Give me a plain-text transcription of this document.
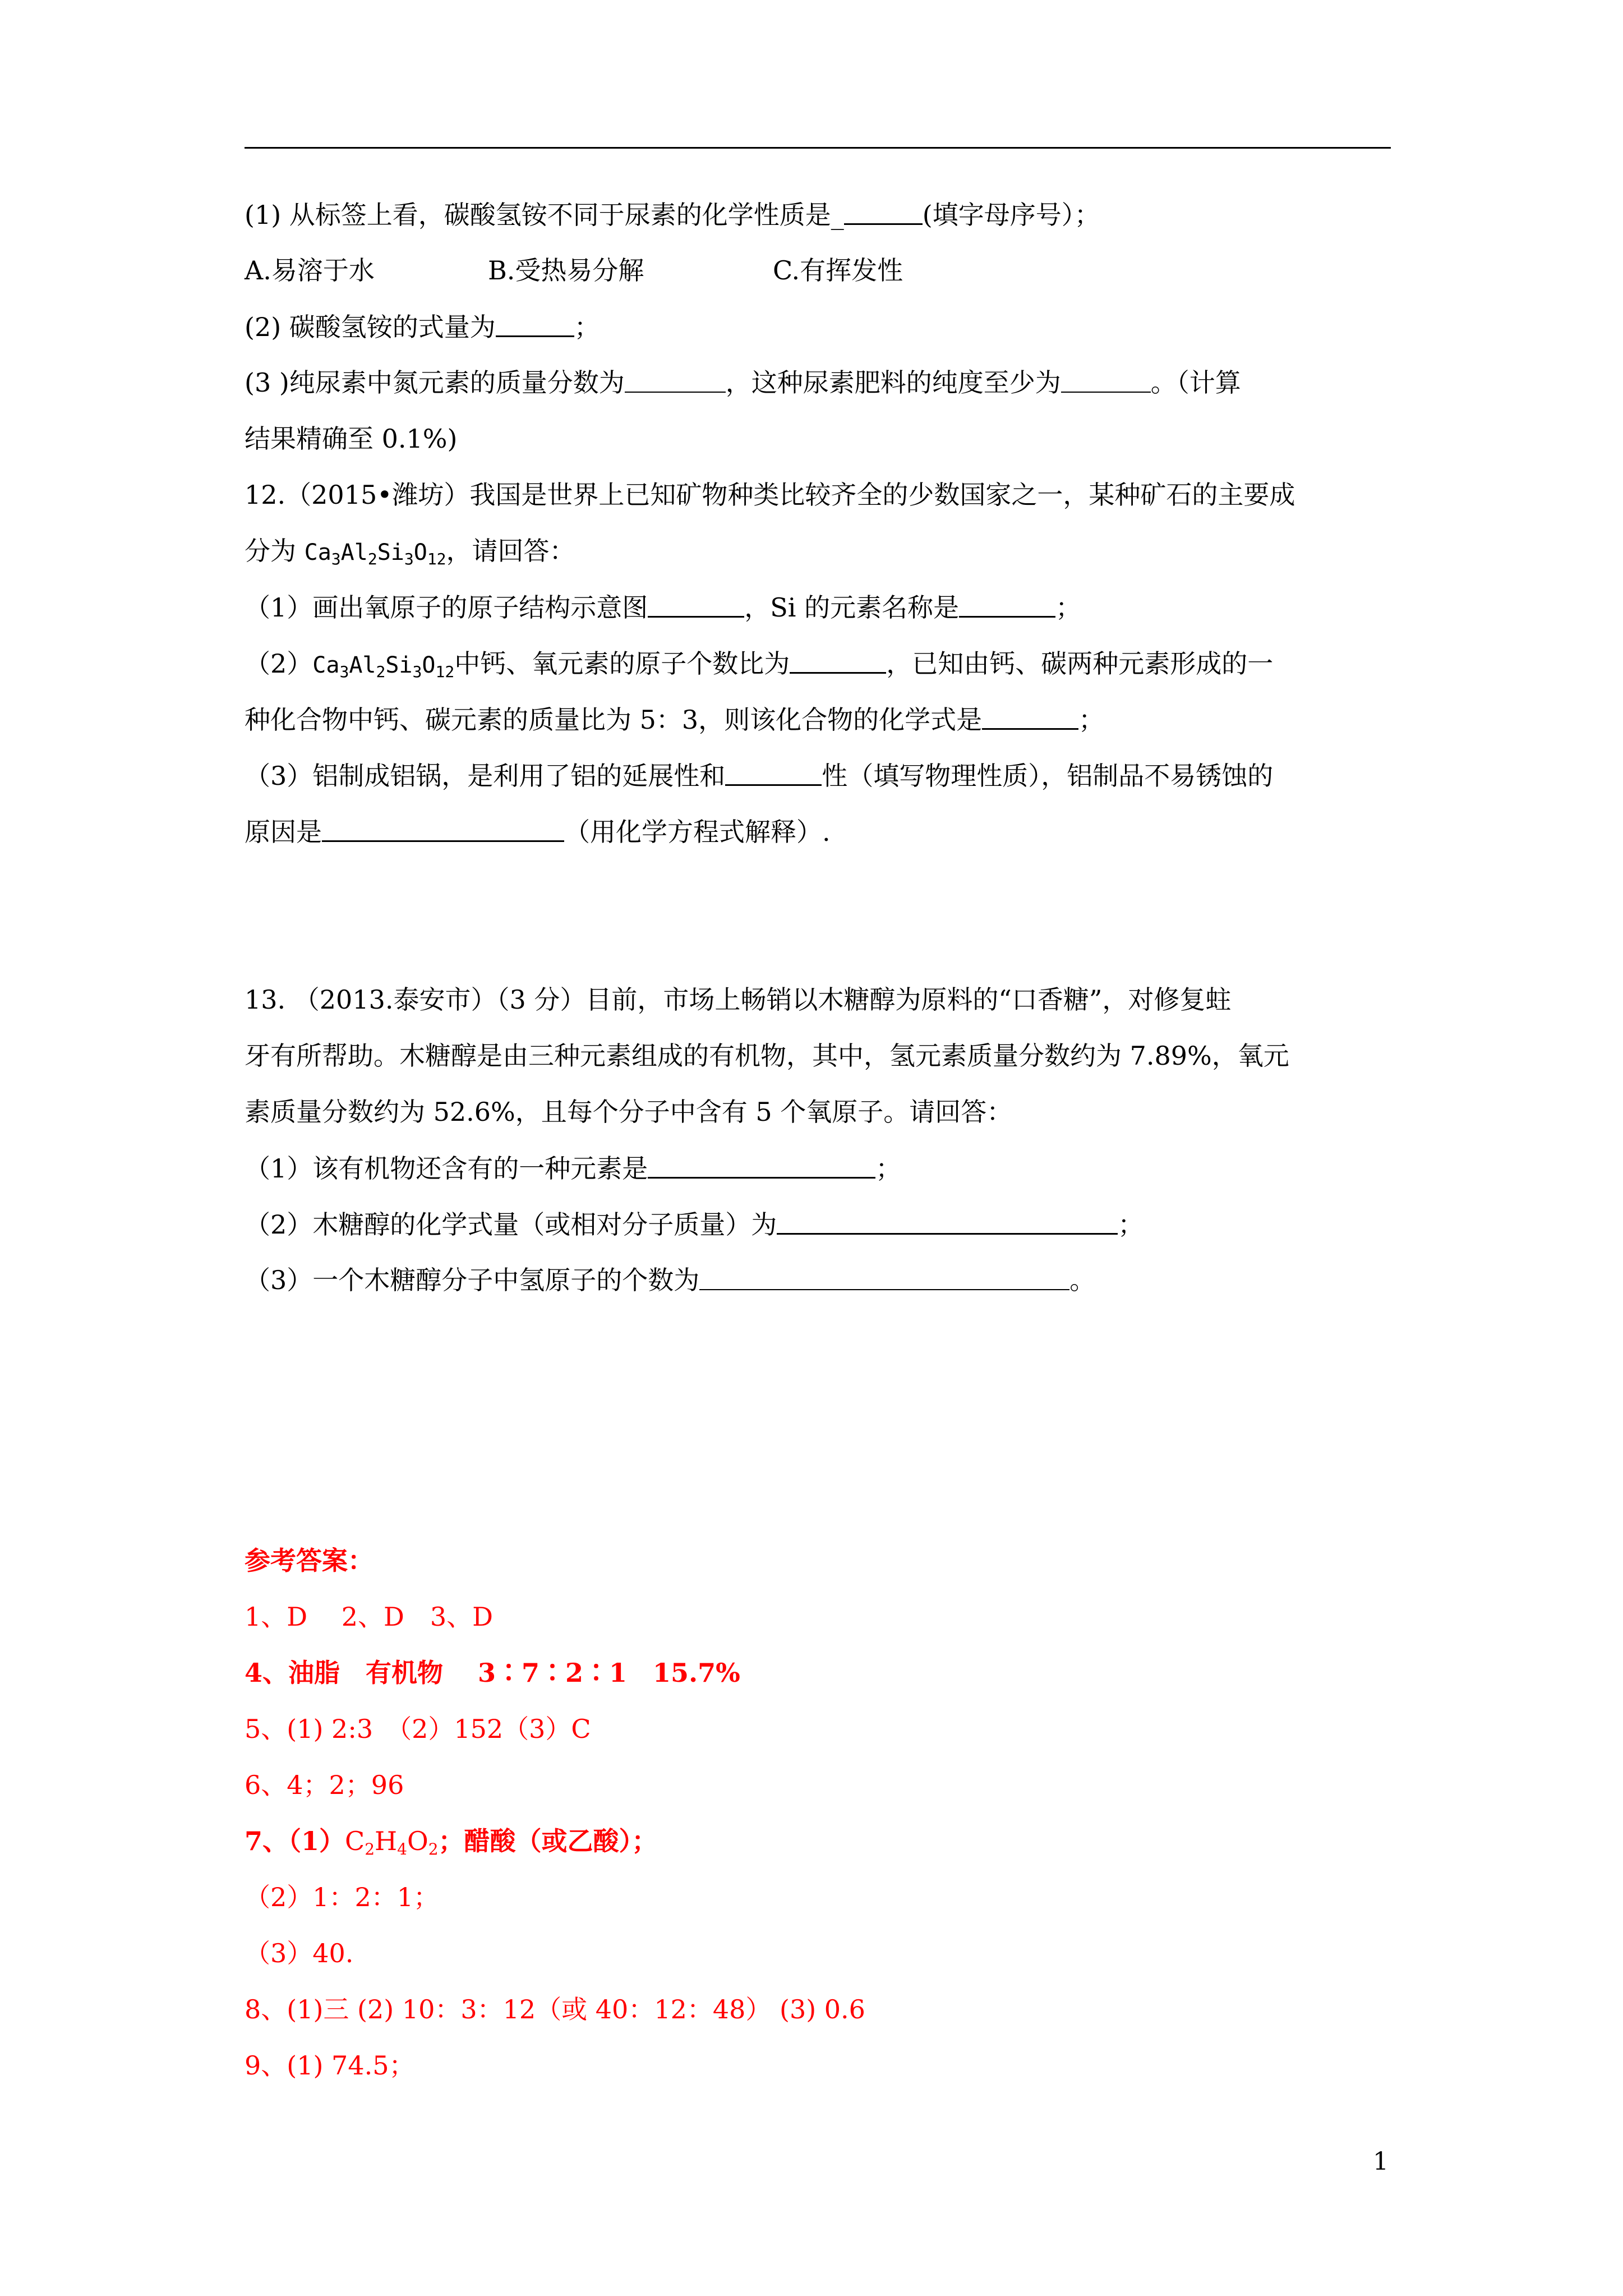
(1) 从标签上看，碳酸氢铵不同于尿素的化学性质是_	(填字母序号）；
A.易溶于水	B.受热易分解	C.有挥发性
(2) 碳酸氢铵的式量为	；
(3 )纯尿素中氮元素的质量分数为	，这种尿素肥料的纯度至少为	。（计算
结果精确至 0.1%)
12.（2015•潍坊）我国是世界上已知矿物种类比较齐全的少数国家之一，某种矿石的主要成
分为 $Ca_3Al_2Si_3O_{12}$，请回答：
（1）画出氧原子的原子结构示意图	，Si 的元素名称是	；
$(2)Ca_3Al_2Si_3O_{12}$中钙、氧元素的原子个数比为	，已知由钙、碳两种元素形成的一
种化合物中钙、碳元素的质量比为 5：3，则该化合物的化学式是	；
（3）铝制成铝锅，是利用了铝的延展性和	性（填写物理性质），铝制品不易锈蚀的
原因是	（用化学方程式解释）.
13. （2013.泰安市）（3 分）目前，市场上畅销以木糖醇为原料的“口香糖”，对修复蛀
牙有所帮助。木糖醇是由三种元素组成的有机物，其中，氢元素质量分数约为 7.89%，氧元
素质量分数约为 52.6%，且每个分子中含有 5 个氧原子。请回答：
（1）该有机物还含有的一种元素是	；
（2）木糖醇的化学式量（或相对分子质量）为	；
（3）一个木糖醇分子中氢原子的个数为	。
参考答案：
1、D　 2、D　3、D
4、油脂　有机物　 3∶7∶2∶1　15.7%
5、(1) 2:3　（2）152（3）C
6、4；2；96
7、$(1)C_2H_4O_2$；醋酸（或乙酸）；
（2）1：2：1；
（3）40.
8、(1)三 (2) 10：3：12（或 40：12：48） (3) 0.6
9、(1) 74.5；
1
